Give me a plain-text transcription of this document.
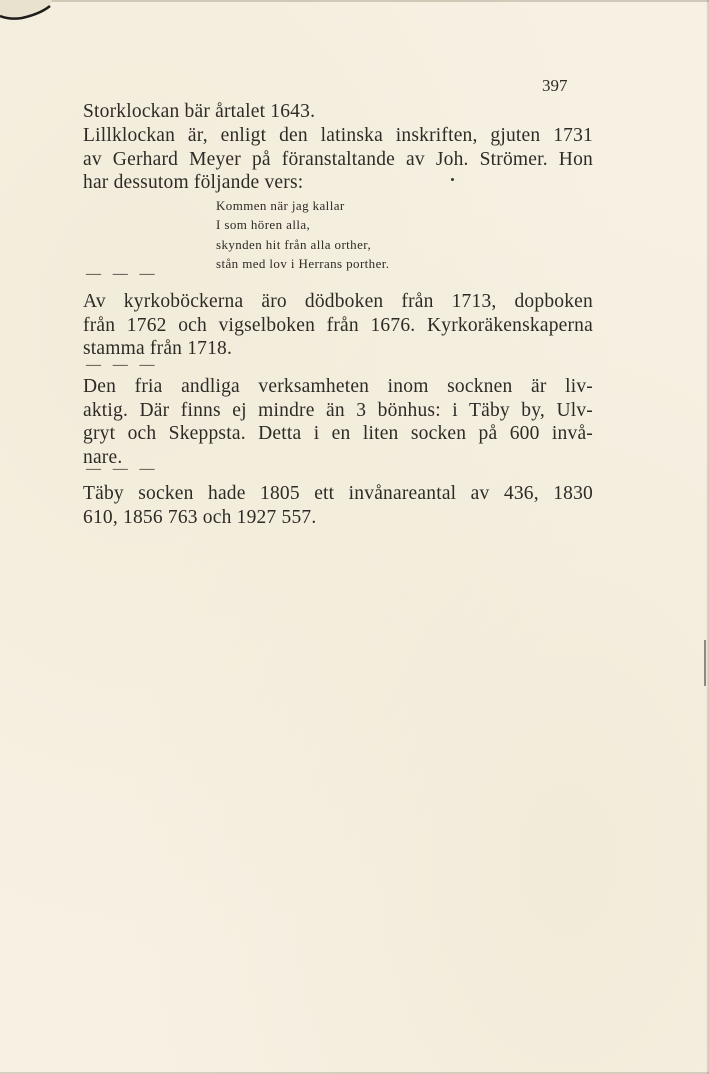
397

Storklockan bär årtalet 1643.

Lillklockan är, enligt den latinska inskriften, gjuten 1731
av Gerhard Meyer på föranstaltande av Joh. Strömer. Hon
har dessutom följande vers:

Kommen när jag kallar
I som hören alla,
skynden hit från alla orther,
stån med lov i Herrans porther.
— — —

Av kyrkoböckerna äro dödboken från 1713, dopboken
från 1762 och vigselboken från 1676. Kyrkoräkenskaperna
stamma från 1718.

— — —

Den fria andliga verksamheten inom socknen är liv-
aktig. Där finns ej mindre än 3 bönhus: i Täby by, Ulv-
gryt och Skeppsta. Detta i en liten socken på 600 invå-
nare.

— — —

Täby socken hade 1805 ett invånareantal av 436, 1830
610, 1856 763 och 1927 557.
